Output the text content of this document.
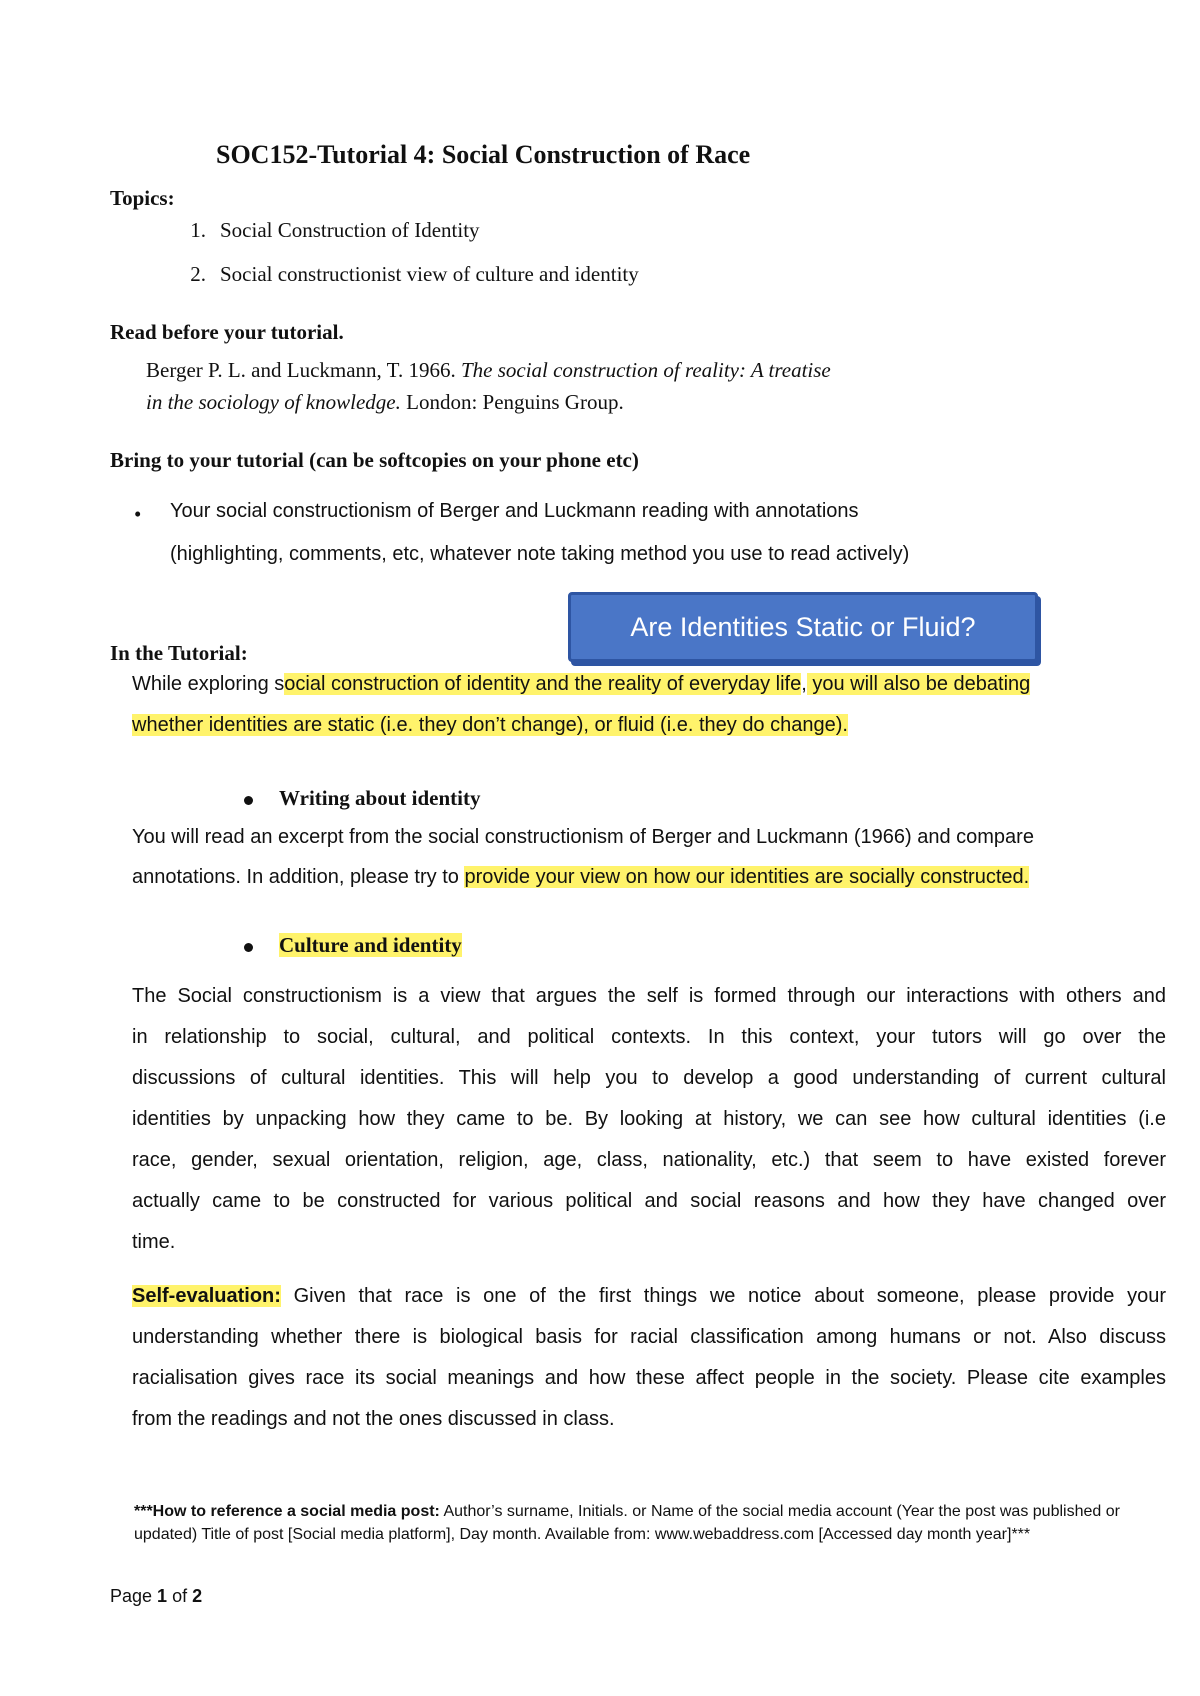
SOC152-Tutorial 4: Social Construction of Race
Topics:
1. Social Construction of Identity
2. Social constructionist view of culture and identity
Read before your tutorial.
Berger P. L. and Luckmann, T. 1966. The social construction of reality: A treatise
in the sociology of knowledge. London: Penguins Group.
Bring to your tutorial (can be softcopies on your phone etc)
• Your social constructionism of Berger and Luckmann reading with annotations
(highlighting, comments, etc, whatever note taking method you use to read actively)
Are Identities Static or Fluid?
In the Tutorial:
While exploring social construction of identity and the reality of everyday life, you will also be debating
whether identities are static (i.e. they don’t change), or fluid (i.e. they do change).
Writing about identity
You will read an excerpt from the social constructionism of Berger and Luckmann (1966) and compare
annotations. In addition, please try to provide your view on how our identities are socially constructed.
Culture and identity
The Social constructionism is a view that argues the self is formed through our interactions with others and
in relationship to social, cultural, and political contexts. In this context, your tutors will go over the
discussions of cultural identities. This will help you to develop a good understanding of current cultural
identities by unpacking how they came to be. By looking at history, we can see how cultural identities (i.e
race, gender, sexual orientation, religion, age, class, nationality, etc.) that seem to have existed forever
actually came to be constructed for various political and social reasons and how they have changed over
time.
Self-evaluation: Given that race is one of the first things we notice about someone, please provide your
understanding whether there is biological basis for racial classification among humans or not. Also discuss
racialisation gives race its social meanings and how these affect people in the society. Please cite examples
from the readings and not the ones discussed in class.
***How to reference a social media post: Author’s surname, Initials. or Name of the social media account (Year the post was published or updated) Title of post [Social media platform], Day month. Available from: www.webaddress.com [Accessed day month year]***
Page 1 of 2
